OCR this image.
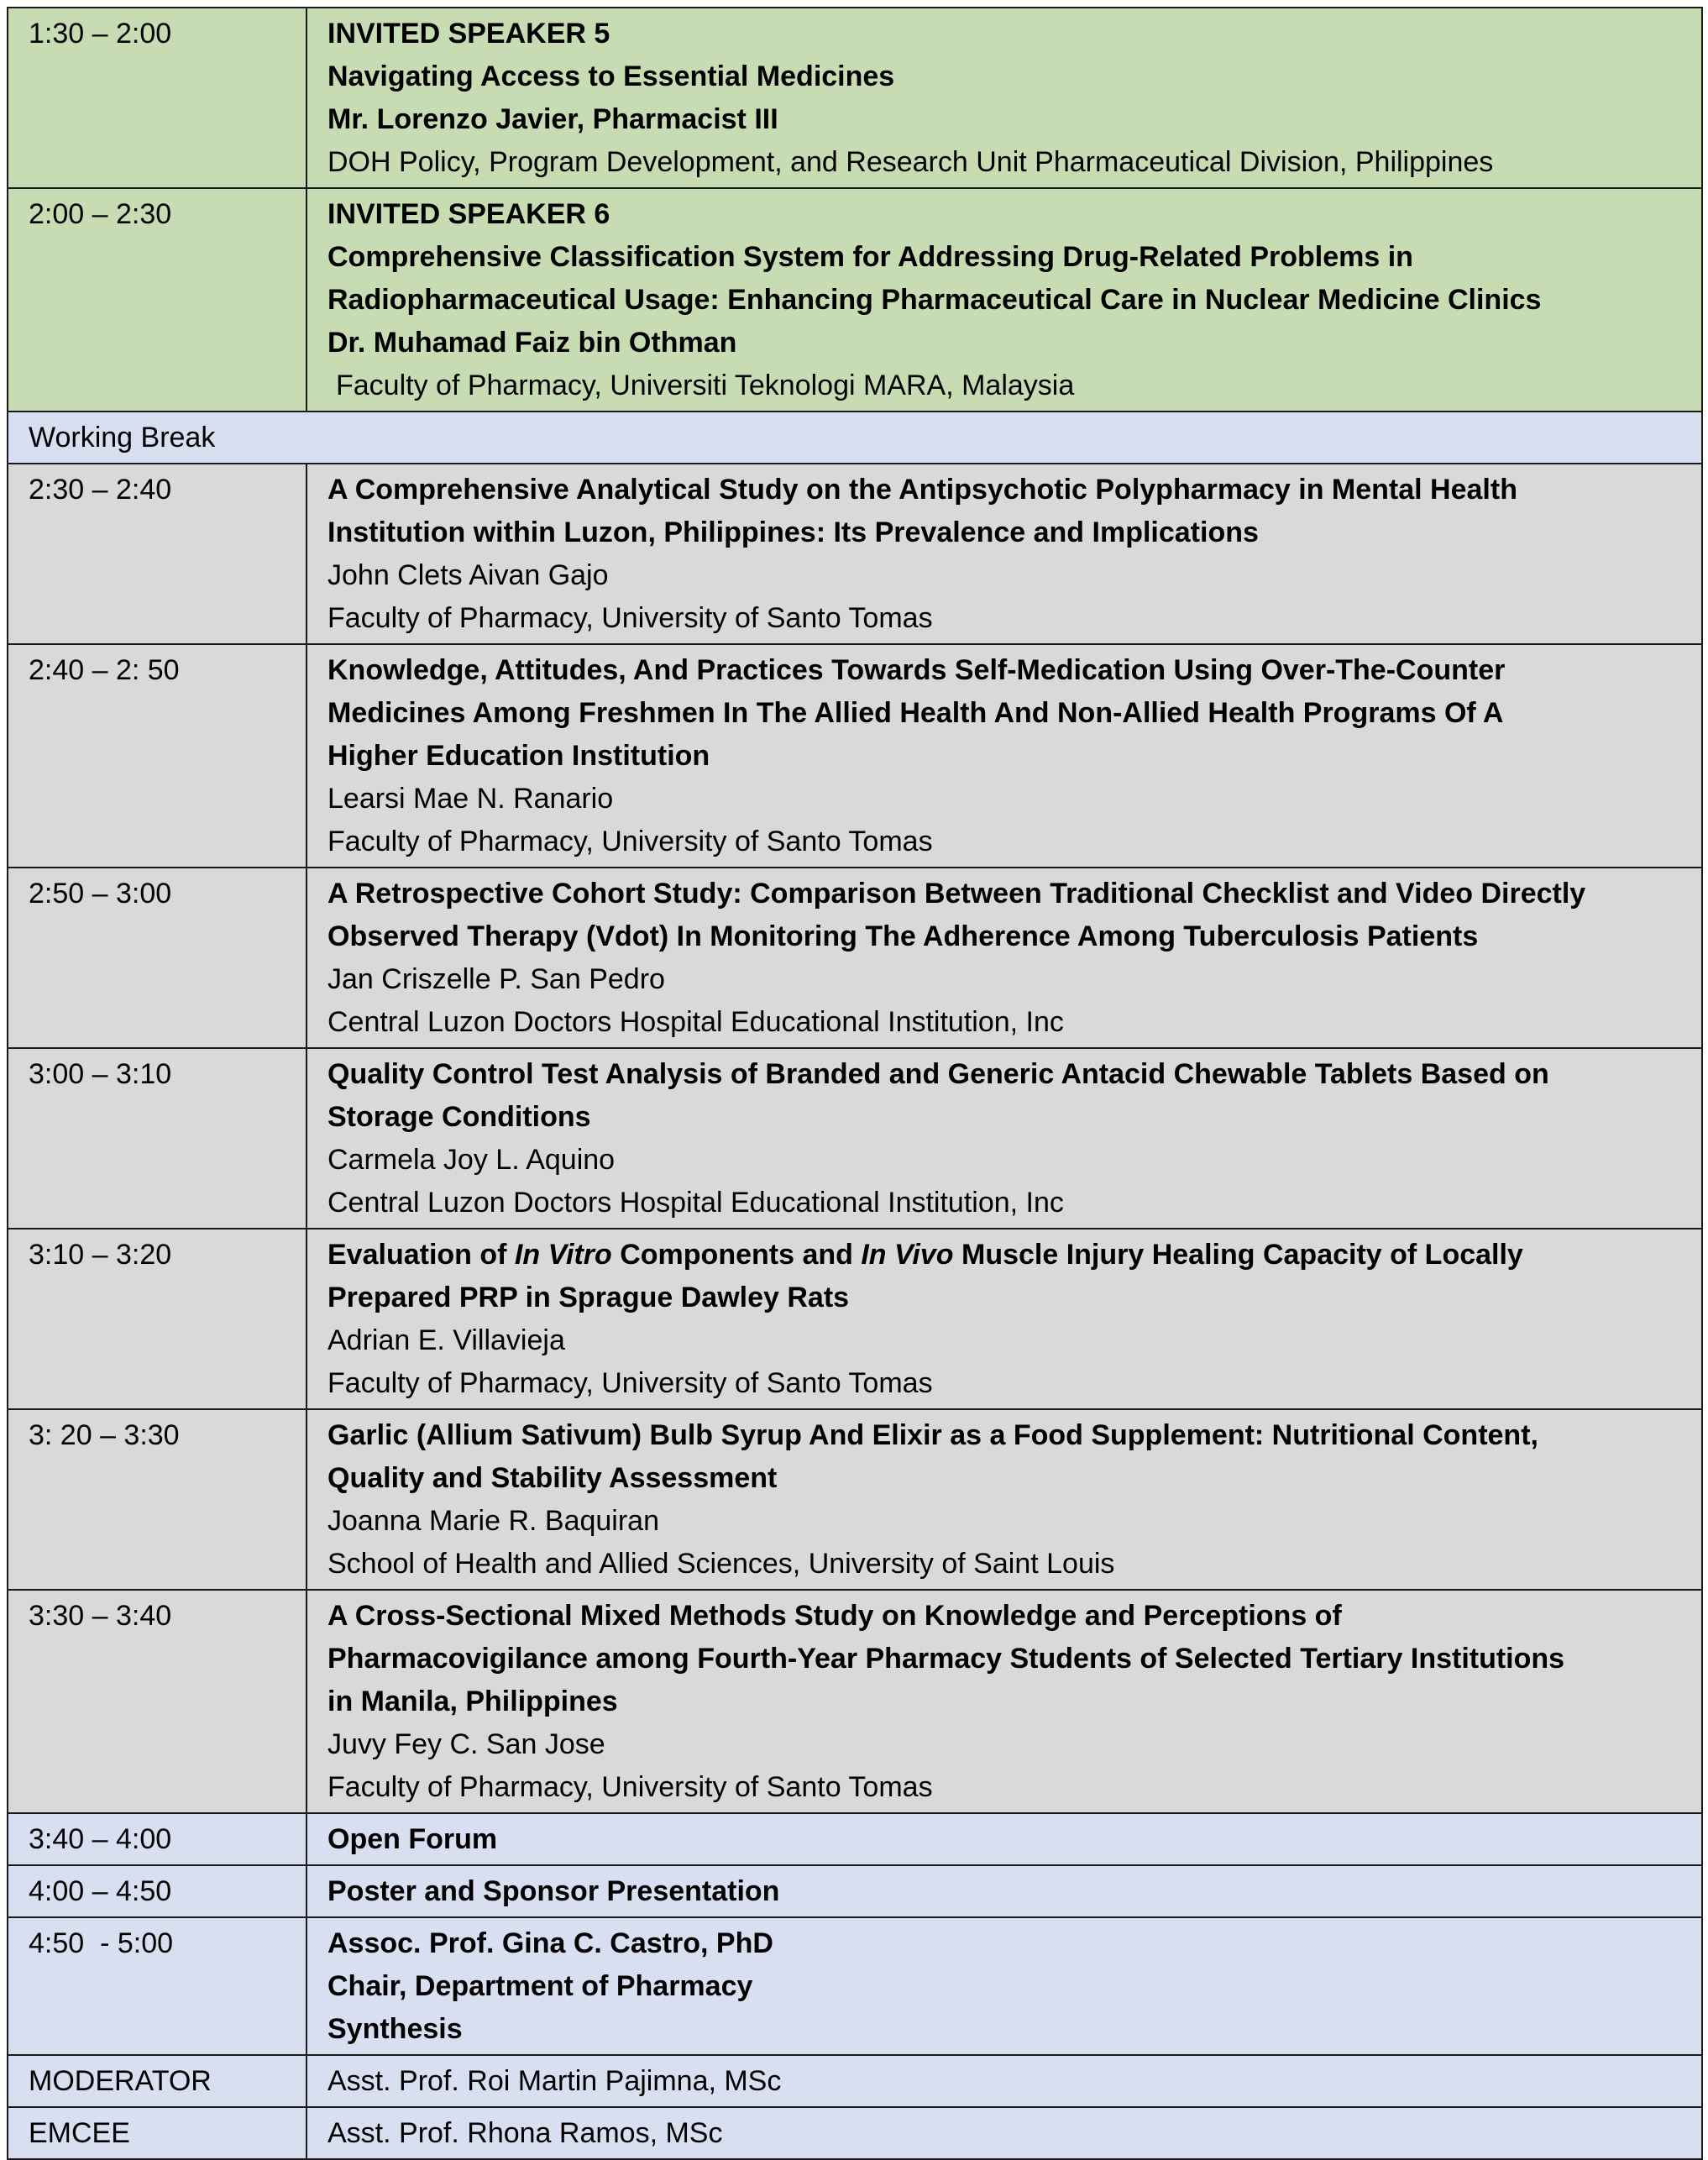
1:30 – 2:00	INVITED SPEAKER 5
Navigating Access to Essential Medicines
Mr. Lorenzo Javier, Pharmacist III
DOH Policy, Program Development, and Research Unit Pharmaceutical Division, Philippines

2:00 – 2:30	INVITED SPEAKER 6
Comprehensive Classification System for Addressing Drug-Related Problems in
Radiopharmaceutical Usage: Enhancing Pharmaceutical Care in Nuclear Medicine Clinics
Dr. Muhamad Faiz bin Othman
Faculty of Pharmacy, Universiti Teknologi MARA, Malaysia

Working Break	

2:30 – 2:40	A Comprehensive Analytical Study on the Antipsychotic Polypharmacy in Mental Health
Institution within Luzon, Philippines: Its Prevalence and Implications
John Clets Aivan Gajo
Faculty of Pharmacy, University of Santo Tomas

2:40 – 2: 50	Knowledge, Attitudes, And Practices Towards Self-Medication Using Over-The-Counter
Medicines Among Freshmen In The Allied Health And Non-Allied Health Programs Of A
Higher Education Institution
Learsi Mae N. Ranario
Faculty of Pharmacy, University of Santo Tomas

2:50 – 3:00	A Retrospective Cohort Study: Comparison Between Traditional Checklist and Video Directly
Observed Therapy (Vdot) In Monitoring The Adherence Among Tuberculosis Patients
Jan Criszelle P. San Pedro
Central Luzon Doctors Hospital Educational Institution, Inc

3:00 – 3:10	Quality Control Test Analysis of Branded and Generic Antacid Chewable Tablets Based on
Storage Conditions
Carmela Joy L. Aquino
Central Luzon Doctors Hospital Educational Institution, Inc

3:10 – 3:20	Evaluation of In Vitro Components and In Vivo Muscle Injury Healing Capacity of Locally
Prepared PRP in Sprague Dawley Rats
Adrian E. Villavieja
Faculty of Pharmacy, University of Santo Tomas

3: 20 – 3:30	Garlic (Allium Sativum) Bulb Syrup And Elixir as a Food Supplement: Nutritional Content,
Quality and Stability Assessment
Joanna Marie R. Baquiran
School of Health and Allied Sciences, University of Saint Louis

3:30 – 3:40	A Cross-Sectional Mixed Methods Study on Knowledge and Perceptions of
Pharmacovigilance among Fourth-Year Pharmacy Students of Selected Tertiary Institutions
in Manila, Philippines
Juvy Fey C. San Jose
Faculty of Pharmacy, University of Santo Tomas

3:40 – 4:00	Open Forum

4:00 – 4:50	Poster and Sponsor Presentation

4:50  - 5:00	Assoc. Prof. Gina C. Castro, PhD
Chair, Department of Pharmacy
Synthesis

MODERATOR	Asst. Prof. Roi Martin Pajimna, MSc

EMCEE	Asst. Prof. Rhona Ramos, MSc
